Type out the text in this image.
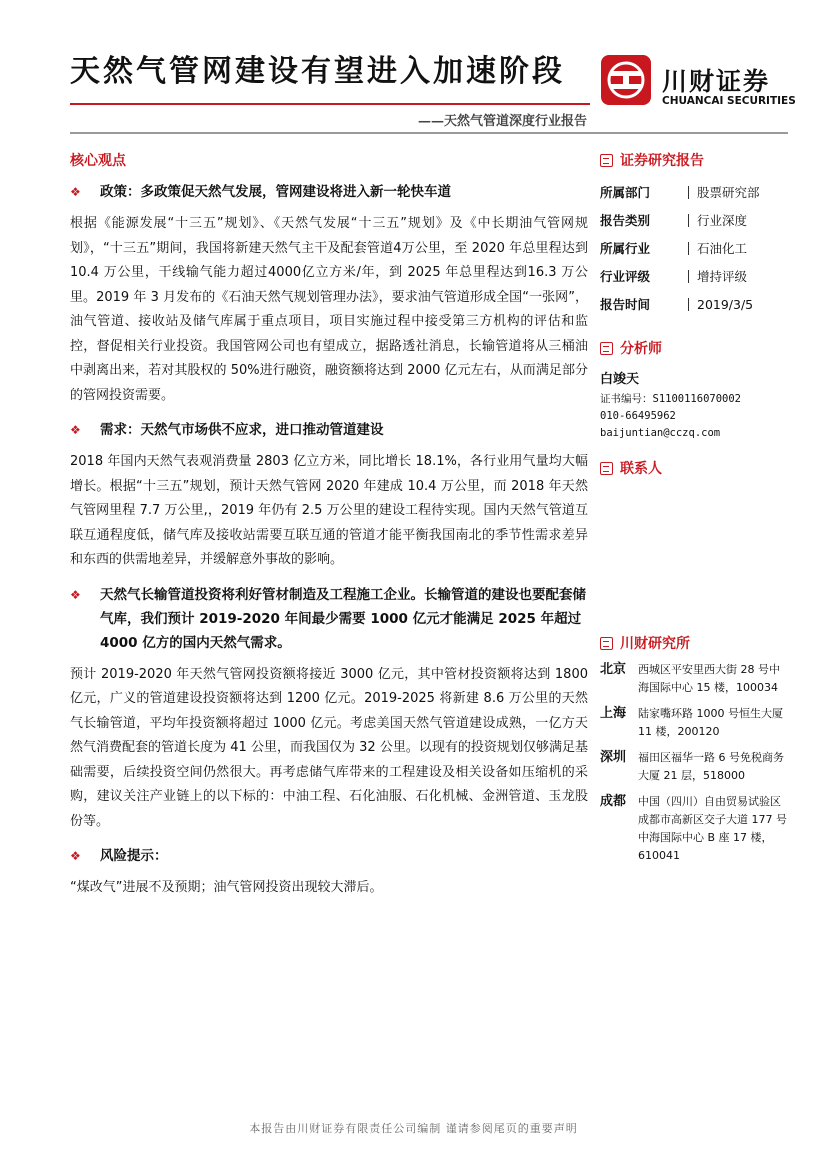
天然气管网建设有望进入加速阶段
——天然气管道深度行业报告
川财证券
CHUANCAI SECURITIES
核心观点
❖	政策：多政策促天然气发展，管网建设将进入新一轮快车道

根据《能源发展“十三五”规划》、《天然气发展“十三五”规划》及《中长期油气管网规划》，“十三五”期间，我国将新建天然气主干及配套管道4万公里，至 2020 年总里程达到 10.4 万公里，干线输气能力超过4000亿立方米/年，到 2025 年总里程达到16.3 万公里。2019 年 3 月发布的《石油天然气规划管理办法》，要求油气管道形成全国“一张网”，油气管道、接收站及储气库属于重点项目，项目实施过程中接受第三方机构的评估和监控，督促相关行业投资。我国管网公司也有望成立，据路透社消息，长输管道将从三桶油中剥离出来，若对其股权的 50%进行融资，融资额将达到 2000 亿元左右，从而满足部分的管网投资需要。

❖	需求：天然气市场供不应求，进口推动管道建设

2018 年国内天然气表观消费量 2803 亿立方米，同比增长 18.1%，各行业用气量均大幅增长。根据“十三五”规划，预计天然气管网 2020 年建成 10.4 万公里，而 2018 年天然气管网里程 7.7 万公里,，2019 年仍有 2.5 万公里的建设工程待实现。国内天然气管道互联互通程度低，储气库及接收站需要互联互通的管道才能平衡我国南北的季节性需求差异和东西的供需地差异，并缓解意外事故的影响。

❖	天然气长输管道投资将利好管材制造及工程施工企业。长输管道的建设也要配套储气库，我们预计 2019-2020 年间最少需要 1000 亿元才能满足 2025 年超过 4000 亿方的国内天然气需求。

预计 2019-2020 年天然气管网投资额将接近 3000 亿元，其中管材投资额将达到 1800 亿元，广义的管道建设投资额将达到 1200 亿元。2019-2025 将新建 8.6 万公里的天然气长输管道，平均年投资额将超过 1000 亿元。考虑美国天然气管道建设成熟，一亿方天然气消费配套的管道长度为 41 公里，而我国仅为 32 公里。以现有的投资规划仅够满足基础需要，后续投资空间仍然很大。再考虑储气库带来的工程建设及相关设备如压缩机的采购，建议关注产业链上的以下标的：中油工程、石化油服、石化机械、金洲管道、玉龙股份等。

❖	风险提示：

“煤改气”进展不及预期；油气管网投资出现较大滞后。

证券研究报告
所属部门	股票研究部
报告类别	行业深度
所属行业	石油化工
行业评级	增持评级
报告时间	2019/3/5
分析师
白竣天
证书编号：S1100116070002
010-66495962
baijuntian@cczq.com
联系人
川财研究所
北京	西城区平安里西大街 28 号中海国际中心 15 楼，100034
上海	陆家嘴环路 1000 号恒生大厦 11 楼，200120
深圳	福田区福华一路 6 号免税商务大厦 21 层，518000
成都	中国（四川）自由贸易试验区成都市高新区交子大道 177 号中海国际中心 B 座 17 楼，610041
本报告由川财证券有限责任公司编制 谨请参阅尾页的重要声明
